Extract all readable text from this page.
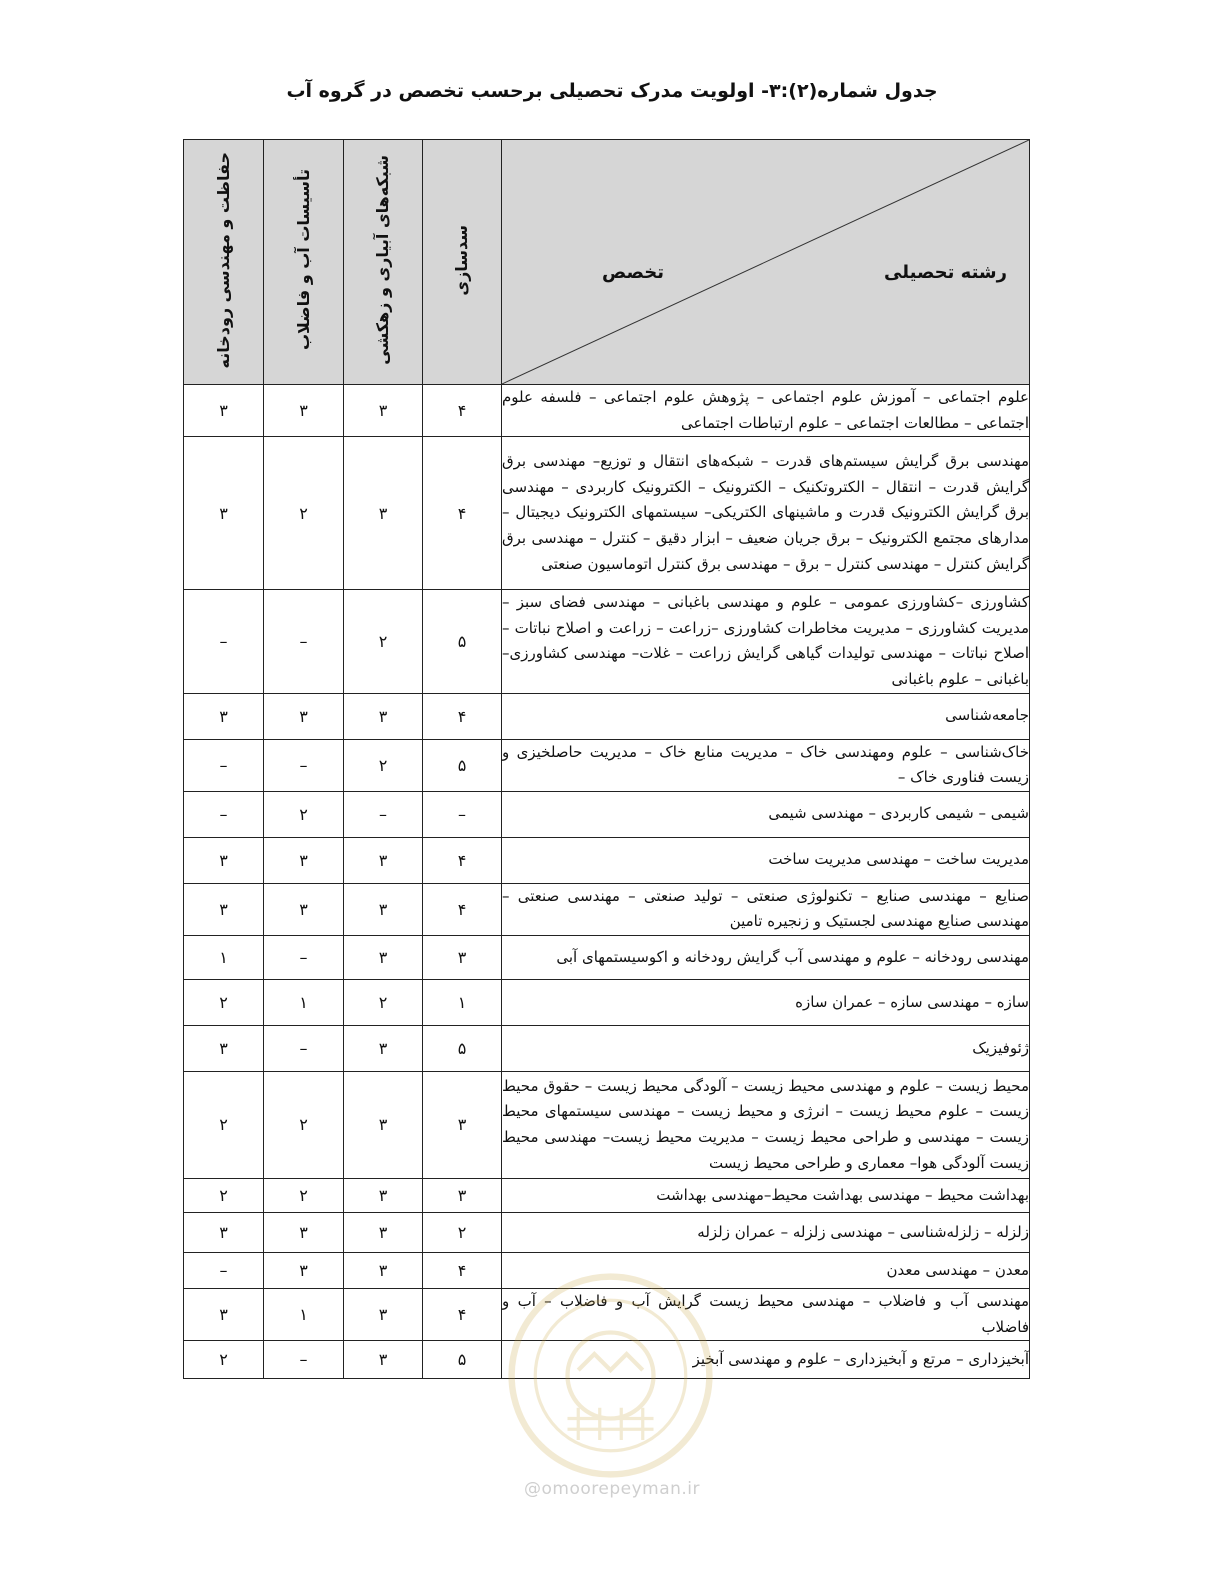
جدول شماره(۲):۳- اولویت مدرک تحصیلی برحسب تخصص در گروه آب
رشته تحصیلی
تخصص	سدسازی	شبکه‌های آبیاری و زهکشی	تأسیسات آب و فاضلاب	حفاظت و مهندسی رودخانه
علوم اجتماعی – آموزش علوم اجتماعی – پژوهش علوم اجتماعی – فلسفه علوم اجتماعی – مطالعات اجتماعی – علوم ارتباطات اجتماعی	۴	۳	۳	۳
مهندسی برق گرایش سیستم‌های قدرت – شبکه‌های انتقال و توزیع– مهندسی برق گرایش قدرت – انتقال – الکتروتکنیک – الکترونیک – الکترونیک کاربردی – مهندسی برق گرایش الکترونیک قدرت و ماشینهای الکتریکی– سیستمهای الکترونیک دیجیتال – مدارهای مجتمع الکترونیک – برق جریان ضعیف – ابزار دقیق – کنترل – مهندسی برق گرایش کنترل – مهندسی کنترل – برق – مهندسی برق کنترل اتوماسیون صنعتی	۴	۳	۲	۳
کشاورزی –کشاورزی عمومی – علوم و مهندسی باغبانی – مهندسی فضای سبز – مدیریت کشاورزی – مدیریت مخاطرات کشاورزی –زراعت – زراعت و اصلاح نباتات – اصلاح نباتات – مهندسی تولیدات گیاهی گرایش زراعت – غلات– مهندسی کشاورزی– باغبانی – علوم باغبانی	۵	۲	–	–
جامعه‌شناسی	۴	۳	۳	۳
خاک‌شناسی – علوم ومهندسی خاک – مدیریت منابع خاک – مدیریت حاصلخیزی و زیست فناوری خاک –	۵	۲	–	–
شیمی – شیمی کاربردی – مهندسی شیمی	–	–	۲	–
مدیریت ساخت – مهندسی مدیریت ساخت	۴	۳	۳	۳
صنایع – مهندسی صنایع – تکنولوژی صنعتی – تولید صنعتی – مهندسی صنعتی – مهندسی صنایع مهندسی لجستیک و زنجیره تامین	۴	۳	۳	۳
مهندسی رودخانه – علوم و مهندسی آب گرایش رودخانه و اکوسیستمهای آبی	۳	۳	–	۱
سازه – مهندسی سازه – عمران سازه	۱	۲	۱	۲
ژئوفیزیک	۵	۳	–	۳
محیط زیست – علوم و مهندسی محیط زیست – آلودگی محیط زیست – حقوق محیط زیست – علوم محیط زیست – انرژی و محیط زیست – مهندسی سیستمهای محیط زیست – مهندسی و طراحی محیط زیست – مدیریت محیط زیست– مهندسی محیط زیست آلودگی هوا– معماری و طراحی محیط زیست	۳	۳	۲	۲
بهداشت محیط – مهندسی بهداشت محیط–مهندسی بهداشت	۳	۳	۲	۲
زلزله – زلزله‌شناسی – مهندسی زلزله – عمران زلزله	۲	۳	۳	۳
معدن – مهندسی معدن	۴	۳	۳	–
مهندسی آب و فاضلاب – مهندسی محیط زیست گرایش آب و فاضلاب – آب و فاضلاب	۴	۳	۱	۳
آبخیزداری – مرتع و آبخیزداری – علوم و مهندسی آبخیز	۵	۳	–	۲
@omoorepeyman.ir
